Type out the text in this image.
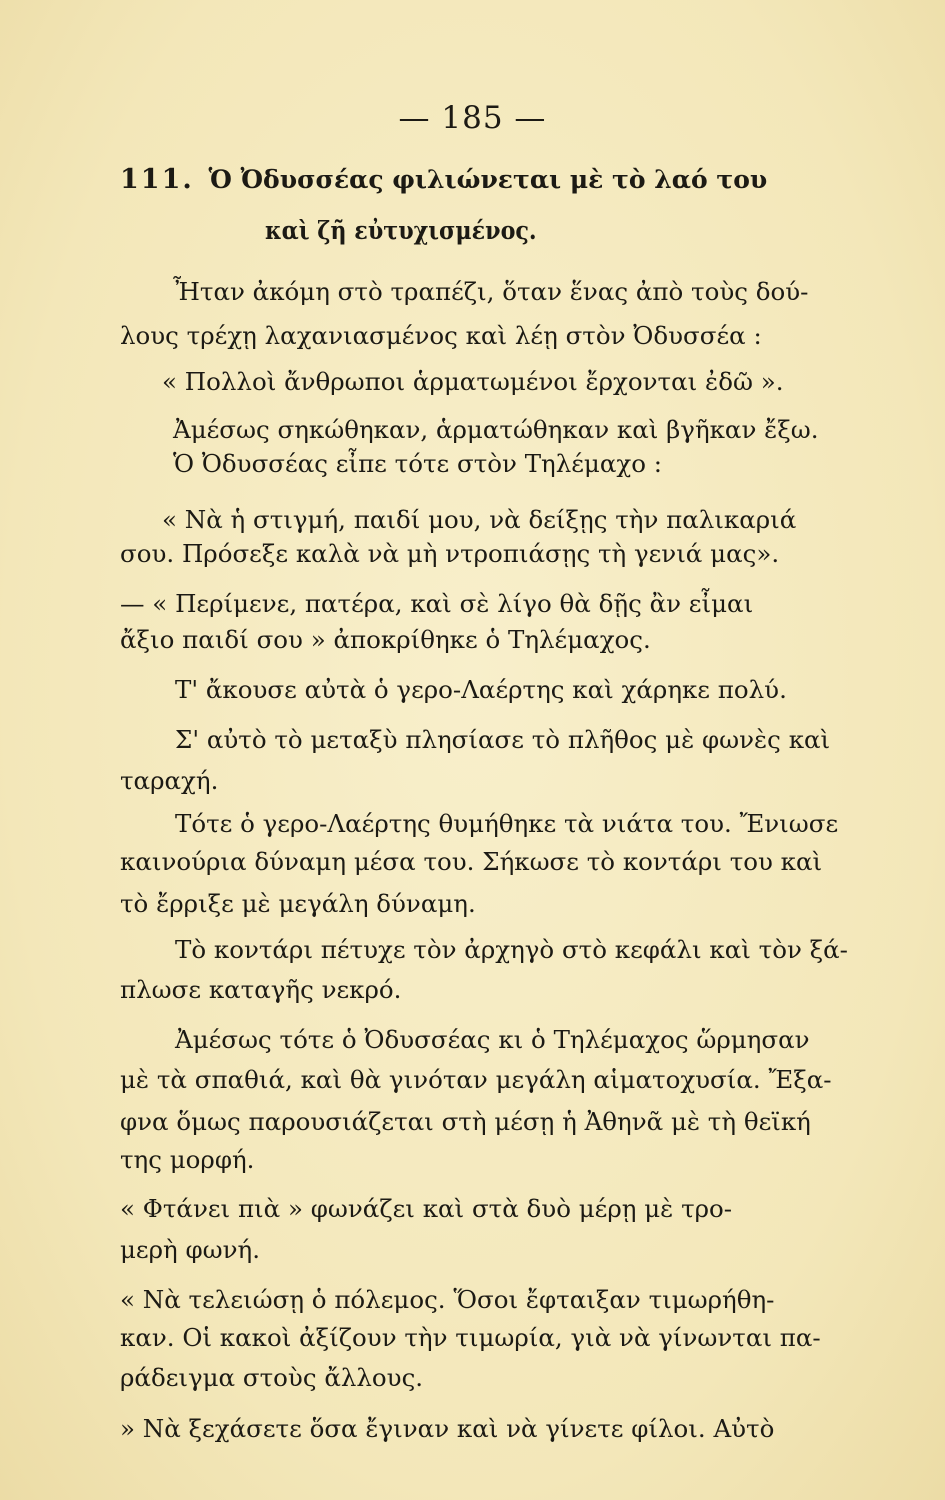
— 185 —
111. Ὁ Ὀδυσσέας φιλιώνεται μὲ τὸ λαό του
καὶ ζῆ εὐτυχισμένος.
Ἦταν ἀκόμη στὸ τραπέζι, ὅταν ἕνας ἀπὸ τοὺς δού-
λους τρέχῃ λαχανιασμένος καὶ λέῃ στὸν Ὀδυσσέα :
« Πολλοὶ ἄνθρωποι ἁρματωμένοι ἔρχονται ἐδῶ ».
Ἀμέσως σηκώθηκαν, ἁρματώθηκαν καὶ βγῆκαν ἔξω.
Ὁ Ὀδυσσέας εἶπε τότε στὸν Τηλέμαχο :
« Νὰ ἡ στιγμή, παιδί μου, νὰ δείξῃς τὴν παλικαριά
σου. Πρόσεξε καλὰ νὰ μὴ ντροπιάσῃς τὴ γενιά μας».
— « Περίμενε, πατέρα, καὶ σὲ λίγο θὰ δῇς ἂν εἶμαι
ἄξιο παιδί σου » ἀποκρίθηκε ὁ Τηλέμαχος.
Τ' ἄκουσε αὐτὰ ὁ γερο-Λαέρτης καὶ χάρηκε πολύ.
Σ' αὐτὸ τὸ μεταξὺ πλησίασε τὸ πλῆθος μὲ φωνὲς καὶ
ταραχή.
Τότε ὁ γερο-Λαέρτης θυμήθηκε τὰ νιάτα του. Ἔνιωσε
καινούρια δύναμη μέσα του. Σήκωσε τὸ κοντάρι του καὶ
τὸ ἔρριξε μὲ μεγάλη δύναμη.
Τὸ κοντάρι πέτυχε τὸν ἀρχηγὸ στὸ κεφάλι καὶ τὸν ξά-
πλωσε καταγῆς νεκρό.
Ἀμέσως τότε ὁ Ὀδυσσέας κι ὁ Τηλέμαχος ὥρμησαν
μὲ τὰ σπαθιά, καὶ θὰ γινόταν μεγάλη αἱματοχυσία. Ἔξα-
φνα ὅμως παρουσιάζεται στὴ μέσῃ ἡ Ἀθηνᾶ μὲ τὴ θεϊκή
της μορφή.
« Φτάνει πιὰ » φωνάζει καὶ στὰ δυὸ μέρῃ μὲ τρο-
μερὴ φωνή.
« Νὰ τελειώσῃ ὁ πόλεμος. Ὅσοι ἔφταιξαν τιμωρήθη-
καν. Οἱ κακοὶ ἀξίζουν τὴν τιμωρία, γιὰ νὰ γίνωνται πα-
ράδειγμα στοὺς ἄλλους.
» Νὰ ξεχάσετε ὅσα ἔγιναν καὶ νὰ γίνετε φίλοι. Αὐτὸ
